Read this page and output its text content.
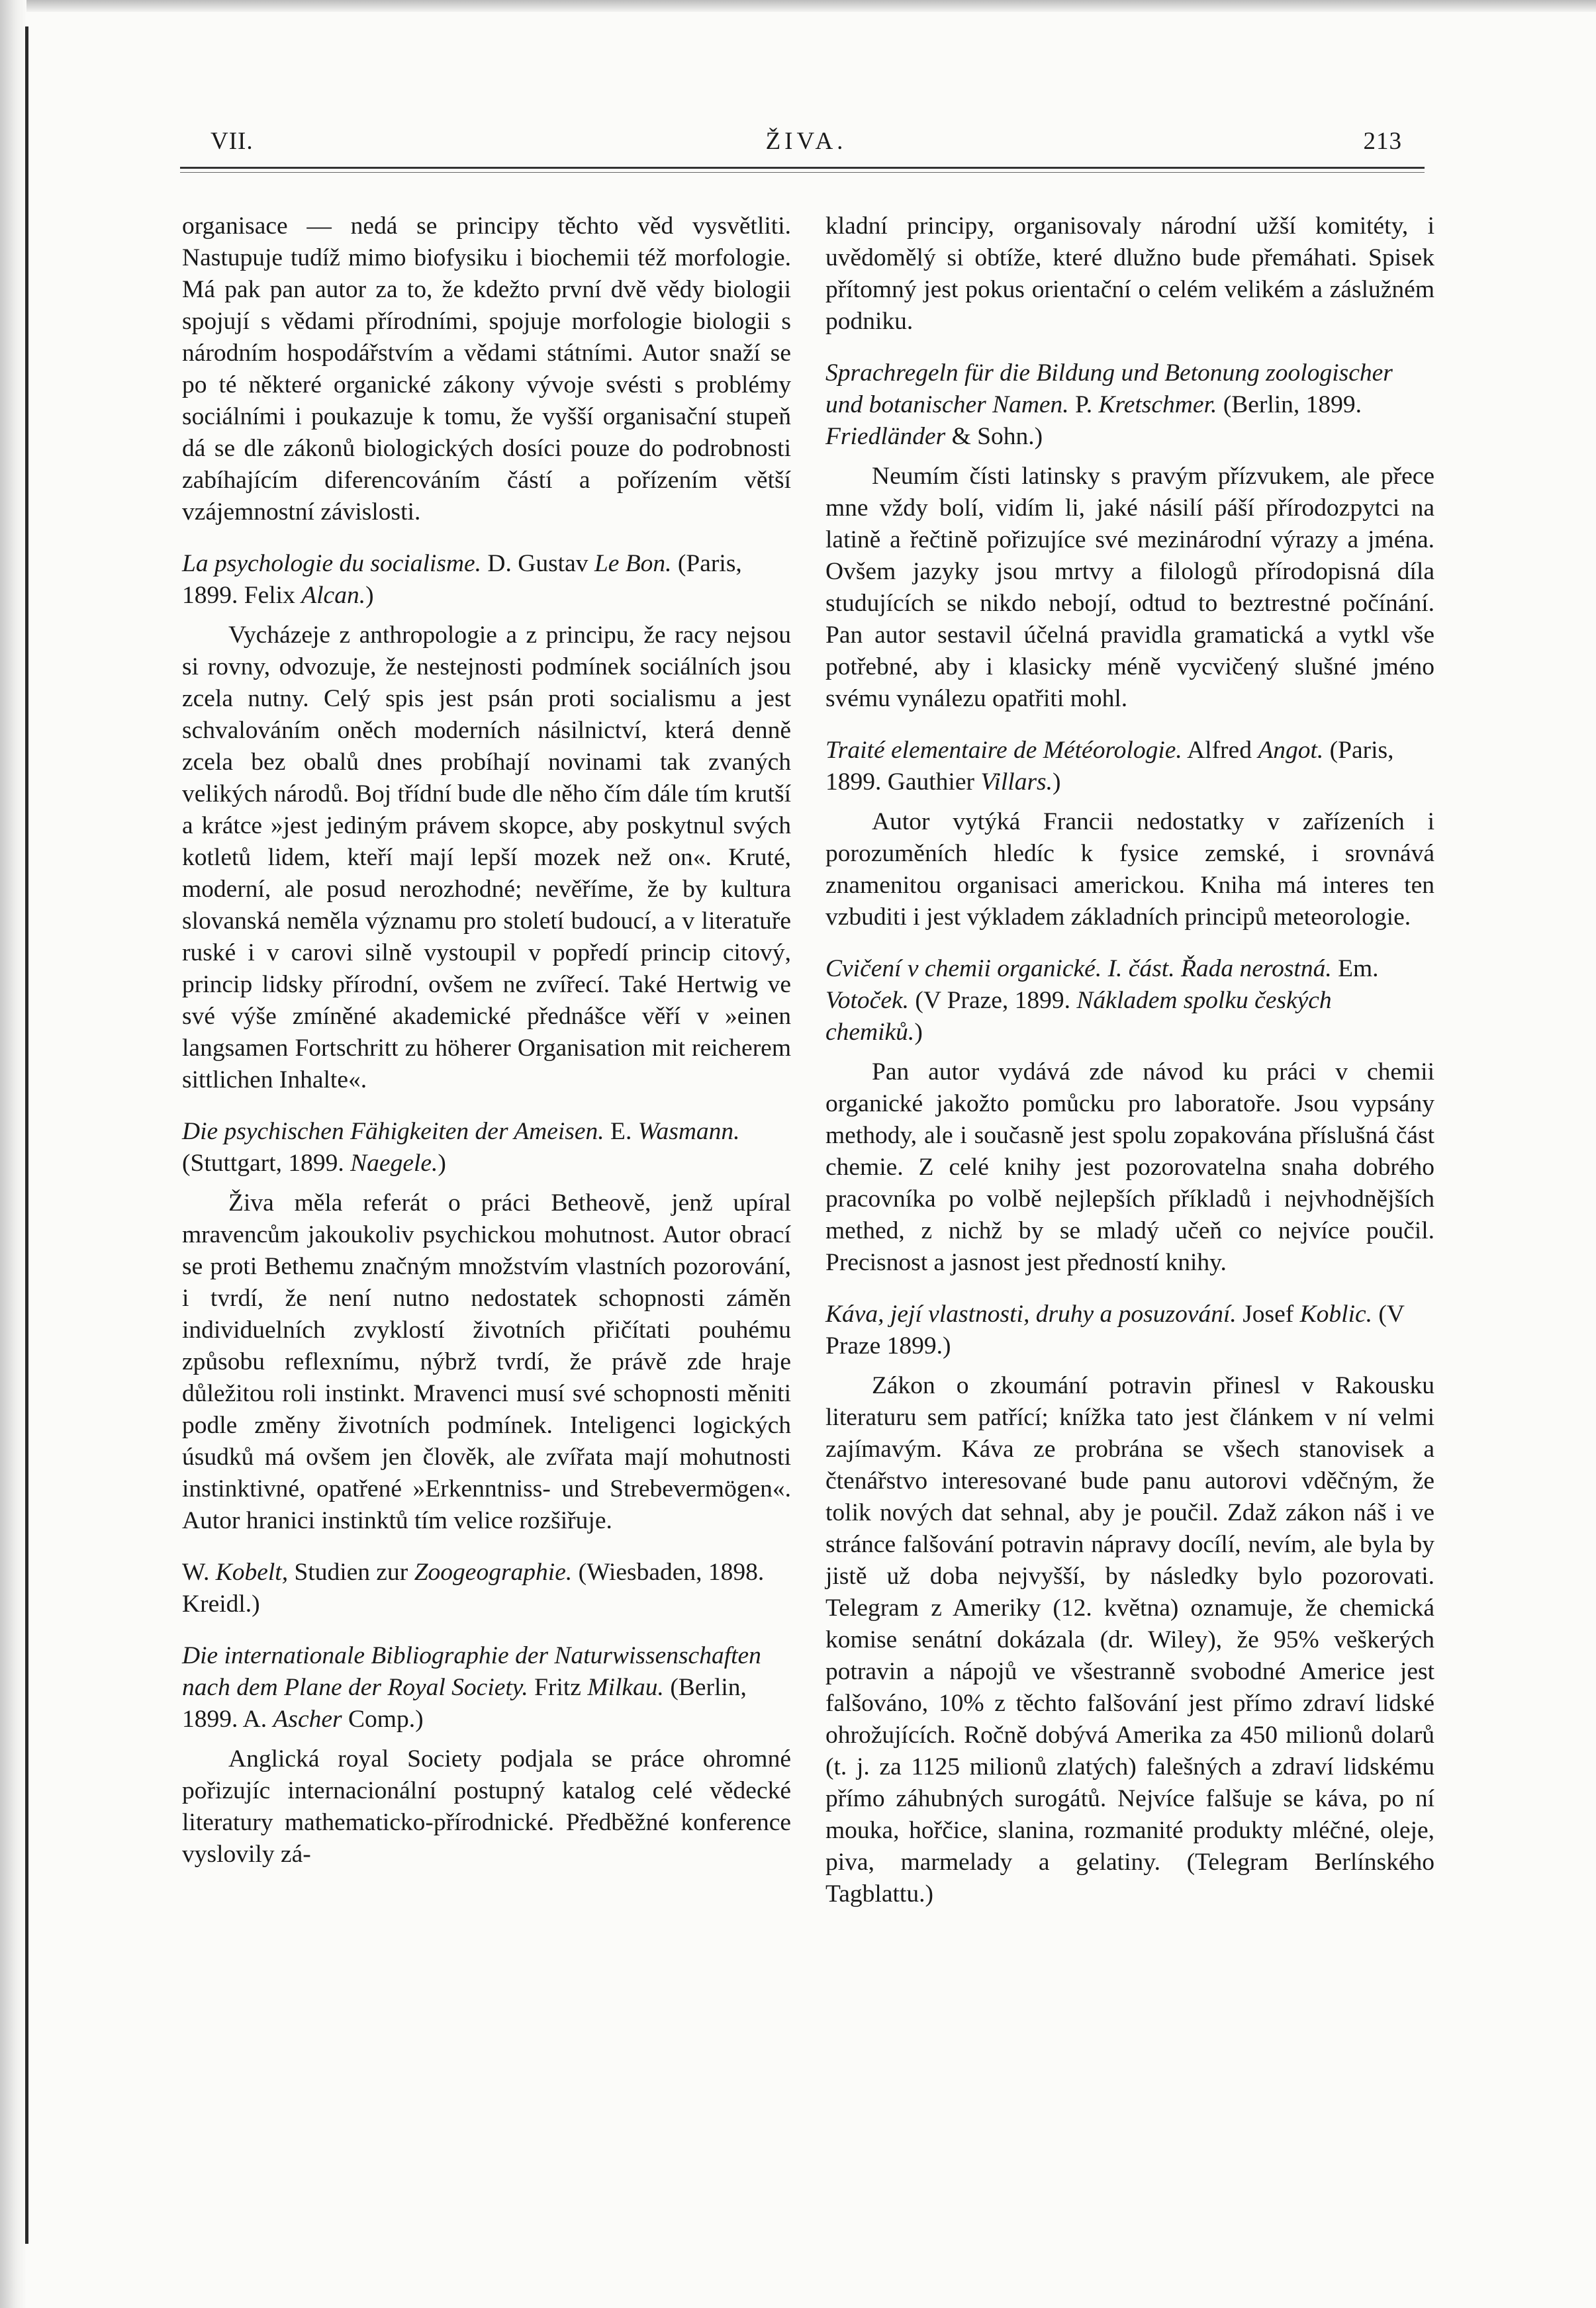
VII.	ŽIVA.	213

organisace — nedá se principy těchto věd vysvětliti. Nastupuje tudíž mimo biofysiku i biochemii též morfologie. Má pak pan autor za to, že kdežto první dvě vědy biologii spojují s vědami přírodními, spojuje morfologie biologii s národním hospodářstvím a vědami státními. Autor snaží se po té některé organické zákony vývoje svésti s problémy sociálními i poukazuje k tomu, že vyšší organisační stupeň dá se dle zákonů biologických dosíci pouze do podrobnosti zabíhajícím diferencováním částí a pořízením větší vzájemnostní závislosti.

La psychologie du socialisme. D. Gustav Le Bon. (Paris, 1899. Felix Alcan.)

Vycházeje z anthropologie a z principu, že racy nejsou si rovny, odvozuje, že nestejnosti podmínek sociálních jsou zcela nutny. Celý spis jest psán proti socialismu a jest schvalováním oněch moderních násilnictví, která denně zcela bez obalů dnes probíhají novinami tak zvaných velikých národů. Boj třídní bude dle něho čím dále tím krutší a krátce »jest jediným právem skopce, aby poskytnul svých kotletů lidem, kteří mají lepší mozek než on«. Kruté, moderní, ale posud nerozhodné; nevěříme, že by kultura slovanská neměla významu pro století budoucí, a v literatuře ruské i v carovi silně vystoupil v popředí princip citový, princip lidsky přírodní, ovšem ne zvířecí. Také Hertwig ve své výše zmíněné akademické přednášce věří v »einen langsamen Fortschritt zu höherer Organisation mit reicherem sittlichen Inhalte«.

Die psychischen Fähigkeiten der Ameisen. E. Wasmann. (Stuttgart, 1899. Naegele.)

Živa měla referát o práci Betheově, jenž upíral mravencům jakoukoliv psychickou mohutnost. Autor obrací se proti Bethemu značným množstvím vlastních pozorování, i tvrdí, že není nutno nedostatek schopnosti záměn individuelních zvyklostí životních přičítati pouhému způsobu reflexnímu, nýbrž tvrdí, že právě zde hraje důležitou roli instinkt. Mravenci musí své schopnosti měniti podle změny životních podmínek. Inteligenci logických úsudků má ovšem jen člověk, ale zvířata mají mohutnosti instinktivné, opatřené »Erkenntniss- und Strebevermögen«. Autor hranici instinktů tím velice rozšiřuje.

W. Kobelt, Studien zur Zoogeographie. (Wiesbaden, 1898. Kreidl.)

Die internationale Bibliographie der Naturwissenschaften nach dem Plane der Royal Society. Fritz Milkau. (Berlin, 1899. A. Ascher Comp.)

Anglická royal Society podjala se práce ohromné pořizujíc internacionální postupný katalog celé vědecké literatury mathematicko-přírodnické. Předběžné konference vyslovily zá-

kladní principy, organisovaly národní užší komitéty, i uvědomělý si obtíže, které dlužno bude přemáhati. Spisek přítomný jest pokus orientační o celém velikém a záslužném podniku.

Sprachregeln für die Bildung und Betonung zoologischer und botanischer Namen. P. Kretschmer. (Berlin, 1899. Friedländer & Sohn.)

Neumím čísti latinsky s pravým přízvukem, ale přece mne vždy bolí, vidím li, jaké násilí páší přírodozpytci na latině a řečtině pořizujíce své mezinárodní výrazy a jména. Ovšem jazyky jsou mrtvy a filologů přírodopisná díla studujících se nikdo nebojí, odtud to beztrestné počínání. Pan autor sestavil účelná pravidla gramatická a vytkl vše potřebné, aby i klasicky méně vycvičený slušné jméno svému vynálezu opatřiti mohl.

Traité elementaire de Météorologie. Alfred Angot. (Paris, 1899. Gauthier Villars.)

Autor vytýká Francii nedostatky v zařízeních i porozuměních hledíc k fysice zemské, i srovnává znamenitou organisaci americkou. Kniha má interes ten vzbuditi i jest výkladem základních principů meteorologie.

Cvičení v chemii organické. I. část. Řada nerostná. Em. Votoček. (V Praze, 1899. Nákladem spolku českých chemiků.)

Pan autor vydává zde návod ku práci v chemii organické jakožto pomůcku pro laboratoře. Jsou vypsány methody, ale i současně jest spolu zopakována příslušná část chemie. Z celé knihy jest pozorovatelna snaha dobrého pracovníka po volbě nejlepších příkladů i nejvhodnějších methed, z nichž by se mladý učeň co nejvíce poučil. Precisnost a jasnost jest předností knihy.

Káva, její vlastnosti, druhy a posuzování. Josef Koblic. (V Praze 1899.)

Zákon o zkoumání potravin přinesl v Rakousku literaturu sem patřící; knížka tato jest článkem v ní velmi zajímavým. Káva ze probrána se všech stanovisek a čtenářstvo interesované bude panu autorovi vděčným, že tolik nových dat sehnal, aby je poučil. Zdaž zákon náš i ve stránce falšování potravin nápravy docílí, nevím, ale byla by jistě už doba nejvyšší, by následky bylo pozorovati. Telegram z Ameriky (12. května) oznamuje, že chemická komise senátní dokázala (dr. Wiley), že 95% veškerých potravin a nápojů ve všestranně svobodné Americe jest falšováno, 10% z těchto falšování jest přímo zdraví lidské ohrožujících. Ročně dobývá Amerika za 450 milionů dolarů (t. j. za 1125 milionů zlatých) falešných a zdraví lidskému přímo záhubných surogátů. Nejvíce falšuje se káva, po ní mouka, hořčice, slanina, rozmanité produkty mléčné, oleje, piva, marmelady a gelatiny. (Telegram Berlínského Tagblattu.)
